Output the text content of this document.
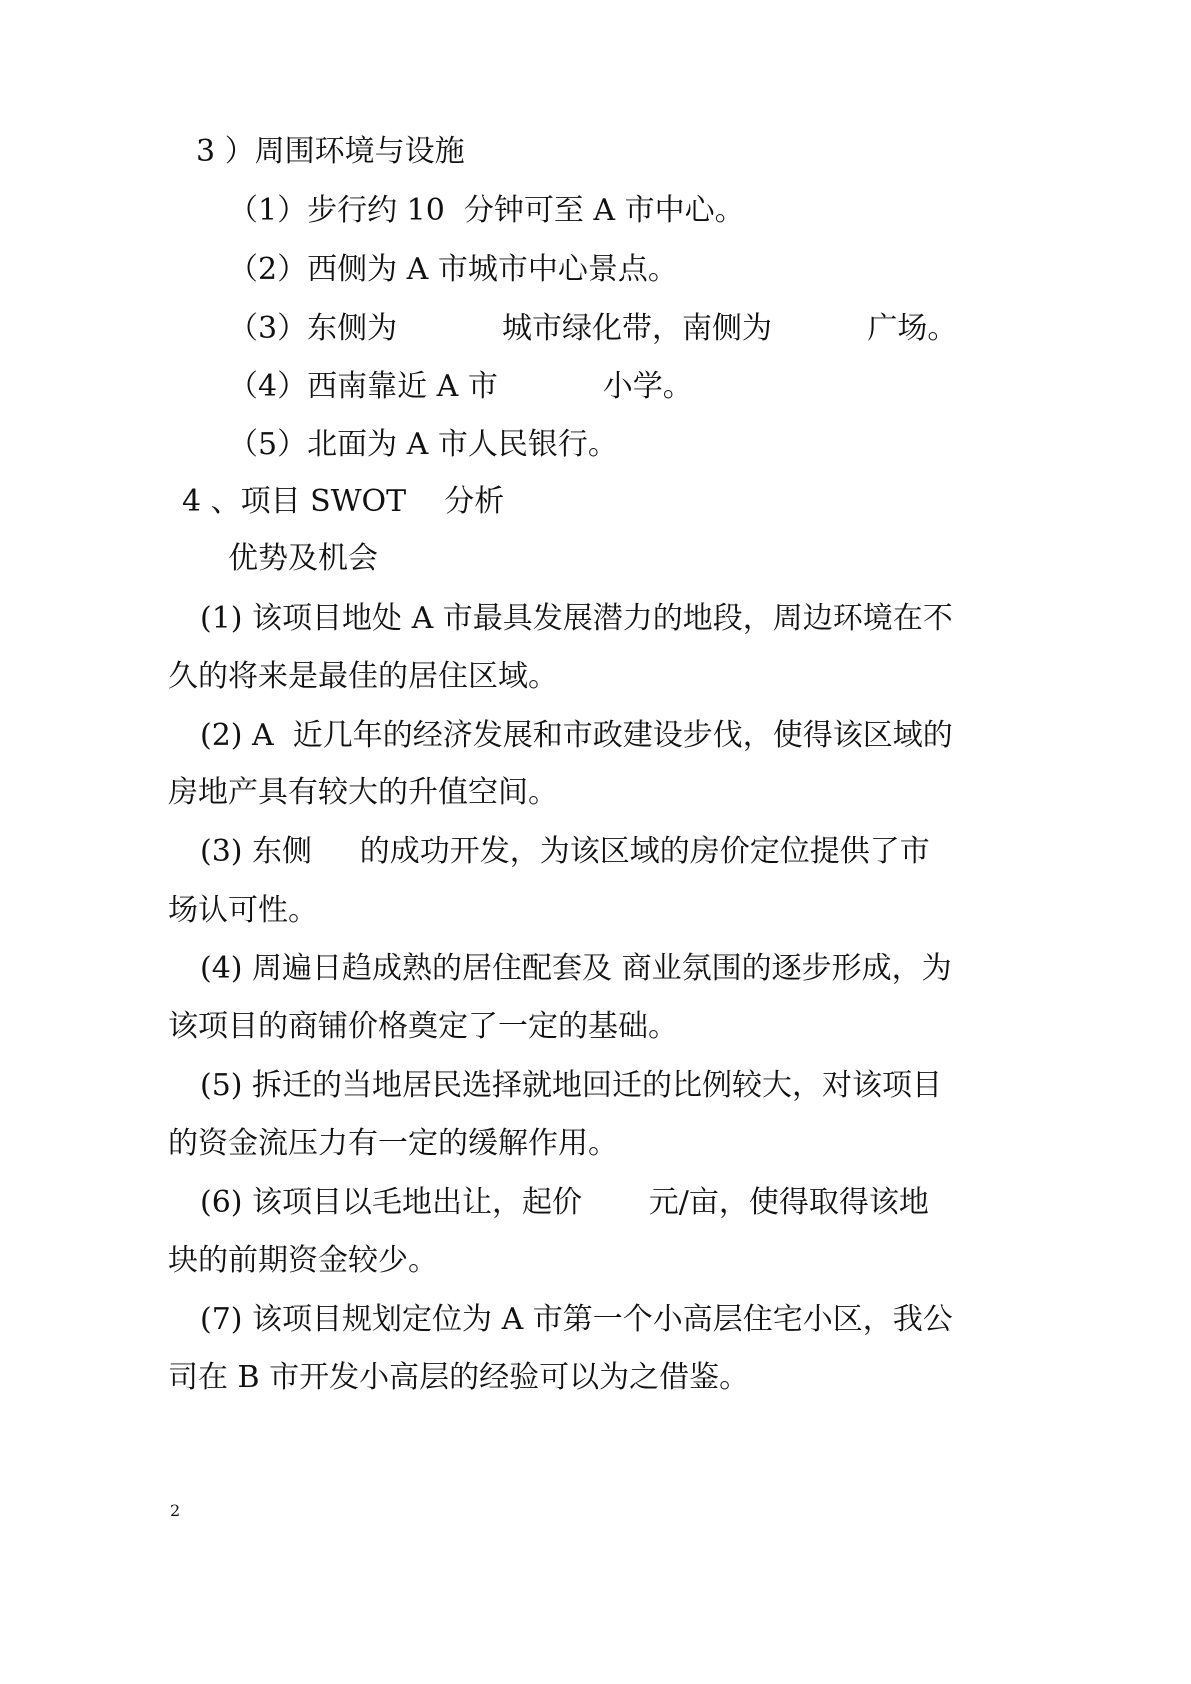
3 ）周围环境与设施

（1）步行约 10  分钟可至 A 市中心。

（2）西侧为 A 市城市中心景点。

（3）东侧为           城市绿化带，南侧为          广场。

（4）西南靠近 A 市           小学。

（5）北面为 A 市人民银行。

4 、项目 SWOT    分析

优势及机会

(1) 该项目地处 A 市最具发展潜力的地段，周边环境在不

久的将来是最佳的居住区域。

(2) A  近几年的经济发展和市政建设步伐，使得该区域的

房地产具有较大的升值空间。

(3) 东侧     的成功开发，为该区域的房价定位提供了市

场认可性。

(4) 周遍日趋成熟的居住配套及 商业氛围的逐步形成，为

该项目的商铺价格奠定了一定的基础。

(5) 拆迁的当地居民选择就地回迁的比例较大，对该项目

的资金流压力有一定的缓解作用。

(6) 该项目以毛地出让，起价       元/亩，使得取得该地

块的前期资金较少。

(7) 该项目规划定位为 A 市第一个小高层住宅小区，我公

司在 B 市开发小高层的经验可以为之借鉴。

2
